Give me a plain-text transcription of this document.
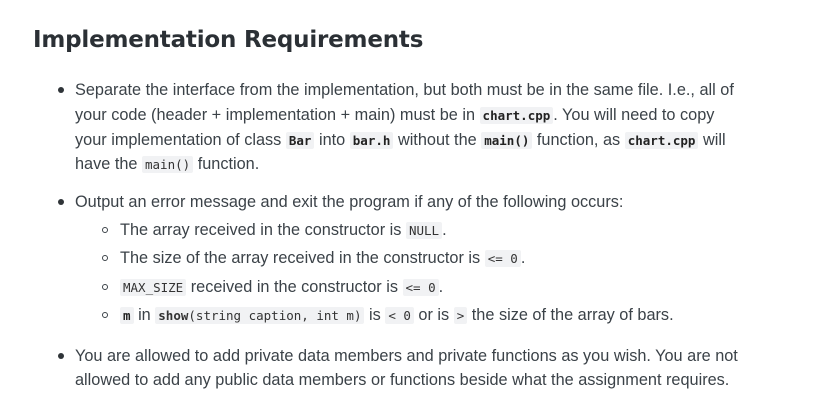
Implementation Requirements
Separate the interface from the implementation, but both must be in the same file. I.e., all of
your code (header + implementation + main) must be in chart.cpp . You will need to copy
your implementation of class Bar into bar.h without the main() function, as chart.cpp will
have the main() function.
Output an error message and exit the program if any of the following occurs:
The array received in the constructor is NULL .
The size of the array received in the constructor is <= 0 .
MAX_SIZE received in the constructor is <= 0 .
m in show(string caption, int m) is < 0 or is > the size of the array of bars.
You are allowed to add private data members and private functions as you wish. You are not
allowed to add any public data members or functions beside what the assignment requires.
